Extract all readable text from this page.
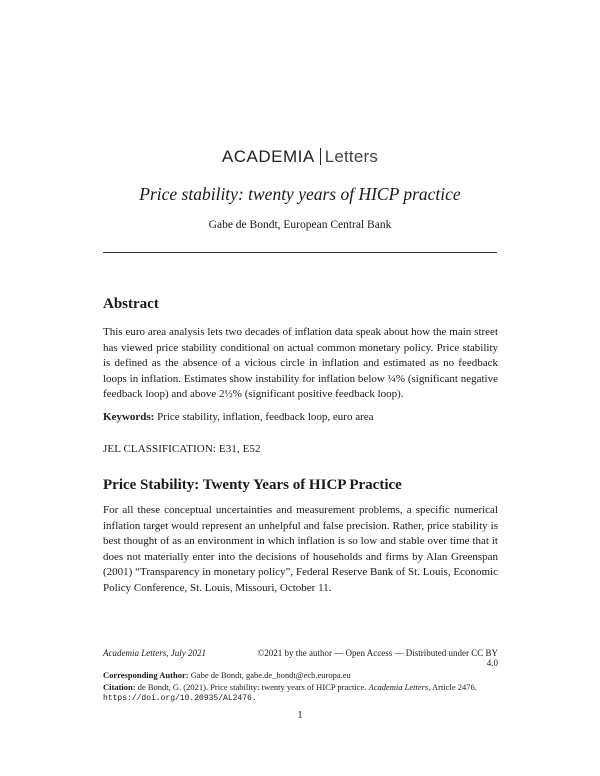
ACADEMIA Letters
Price stability: twenty years of HICP practice
Gabe de Bondt, European Central Bank
Abstract
This euro area analysis lets two decades of inflation data speak about how the main street has viewed price stability conditional on actual common monetary policy. Price stability is defined as the absence of a vicious circle in inflation and estimated as no feedback loops in inflation. Estimates show instability for inflation below ¼% (significant negative feedback loop) and above 2½% (significant positive feedback loop).
Keywords: Price stability, inflation, feedback loop, euro area
JEL CLASSIFICATION: E31, E52
Price Stability: Twenty Years of HICP Practice
For all these conceptual uncertainties and measurement problems, a specific numerical inflation target would represent an unhelpful and false precision. Rather, price stability is best thought of as an environment in which inflation is so low and stable over time that it does not materially enter into the decisions of households and firms by Alan Greenspan (2001) “Transparency in monetary policy”, Federal Reserve Bank of St. Louis, Economic Policy Conference, St. Louis, Missouri, October 11.
Academia Letters, July 2021	©2021 by the author — Open Access — Distributed under CC BY 4.0
Corresponding Author: Gabe de Bondt, gabe.de_bondt@ecb.europa.eu
Citation: de Bondt, G. (2021). Price stability: twenty years of HICP practice. Academia Letters, Article 2476.
https://doi.org/10.20935/AL2476.
1
